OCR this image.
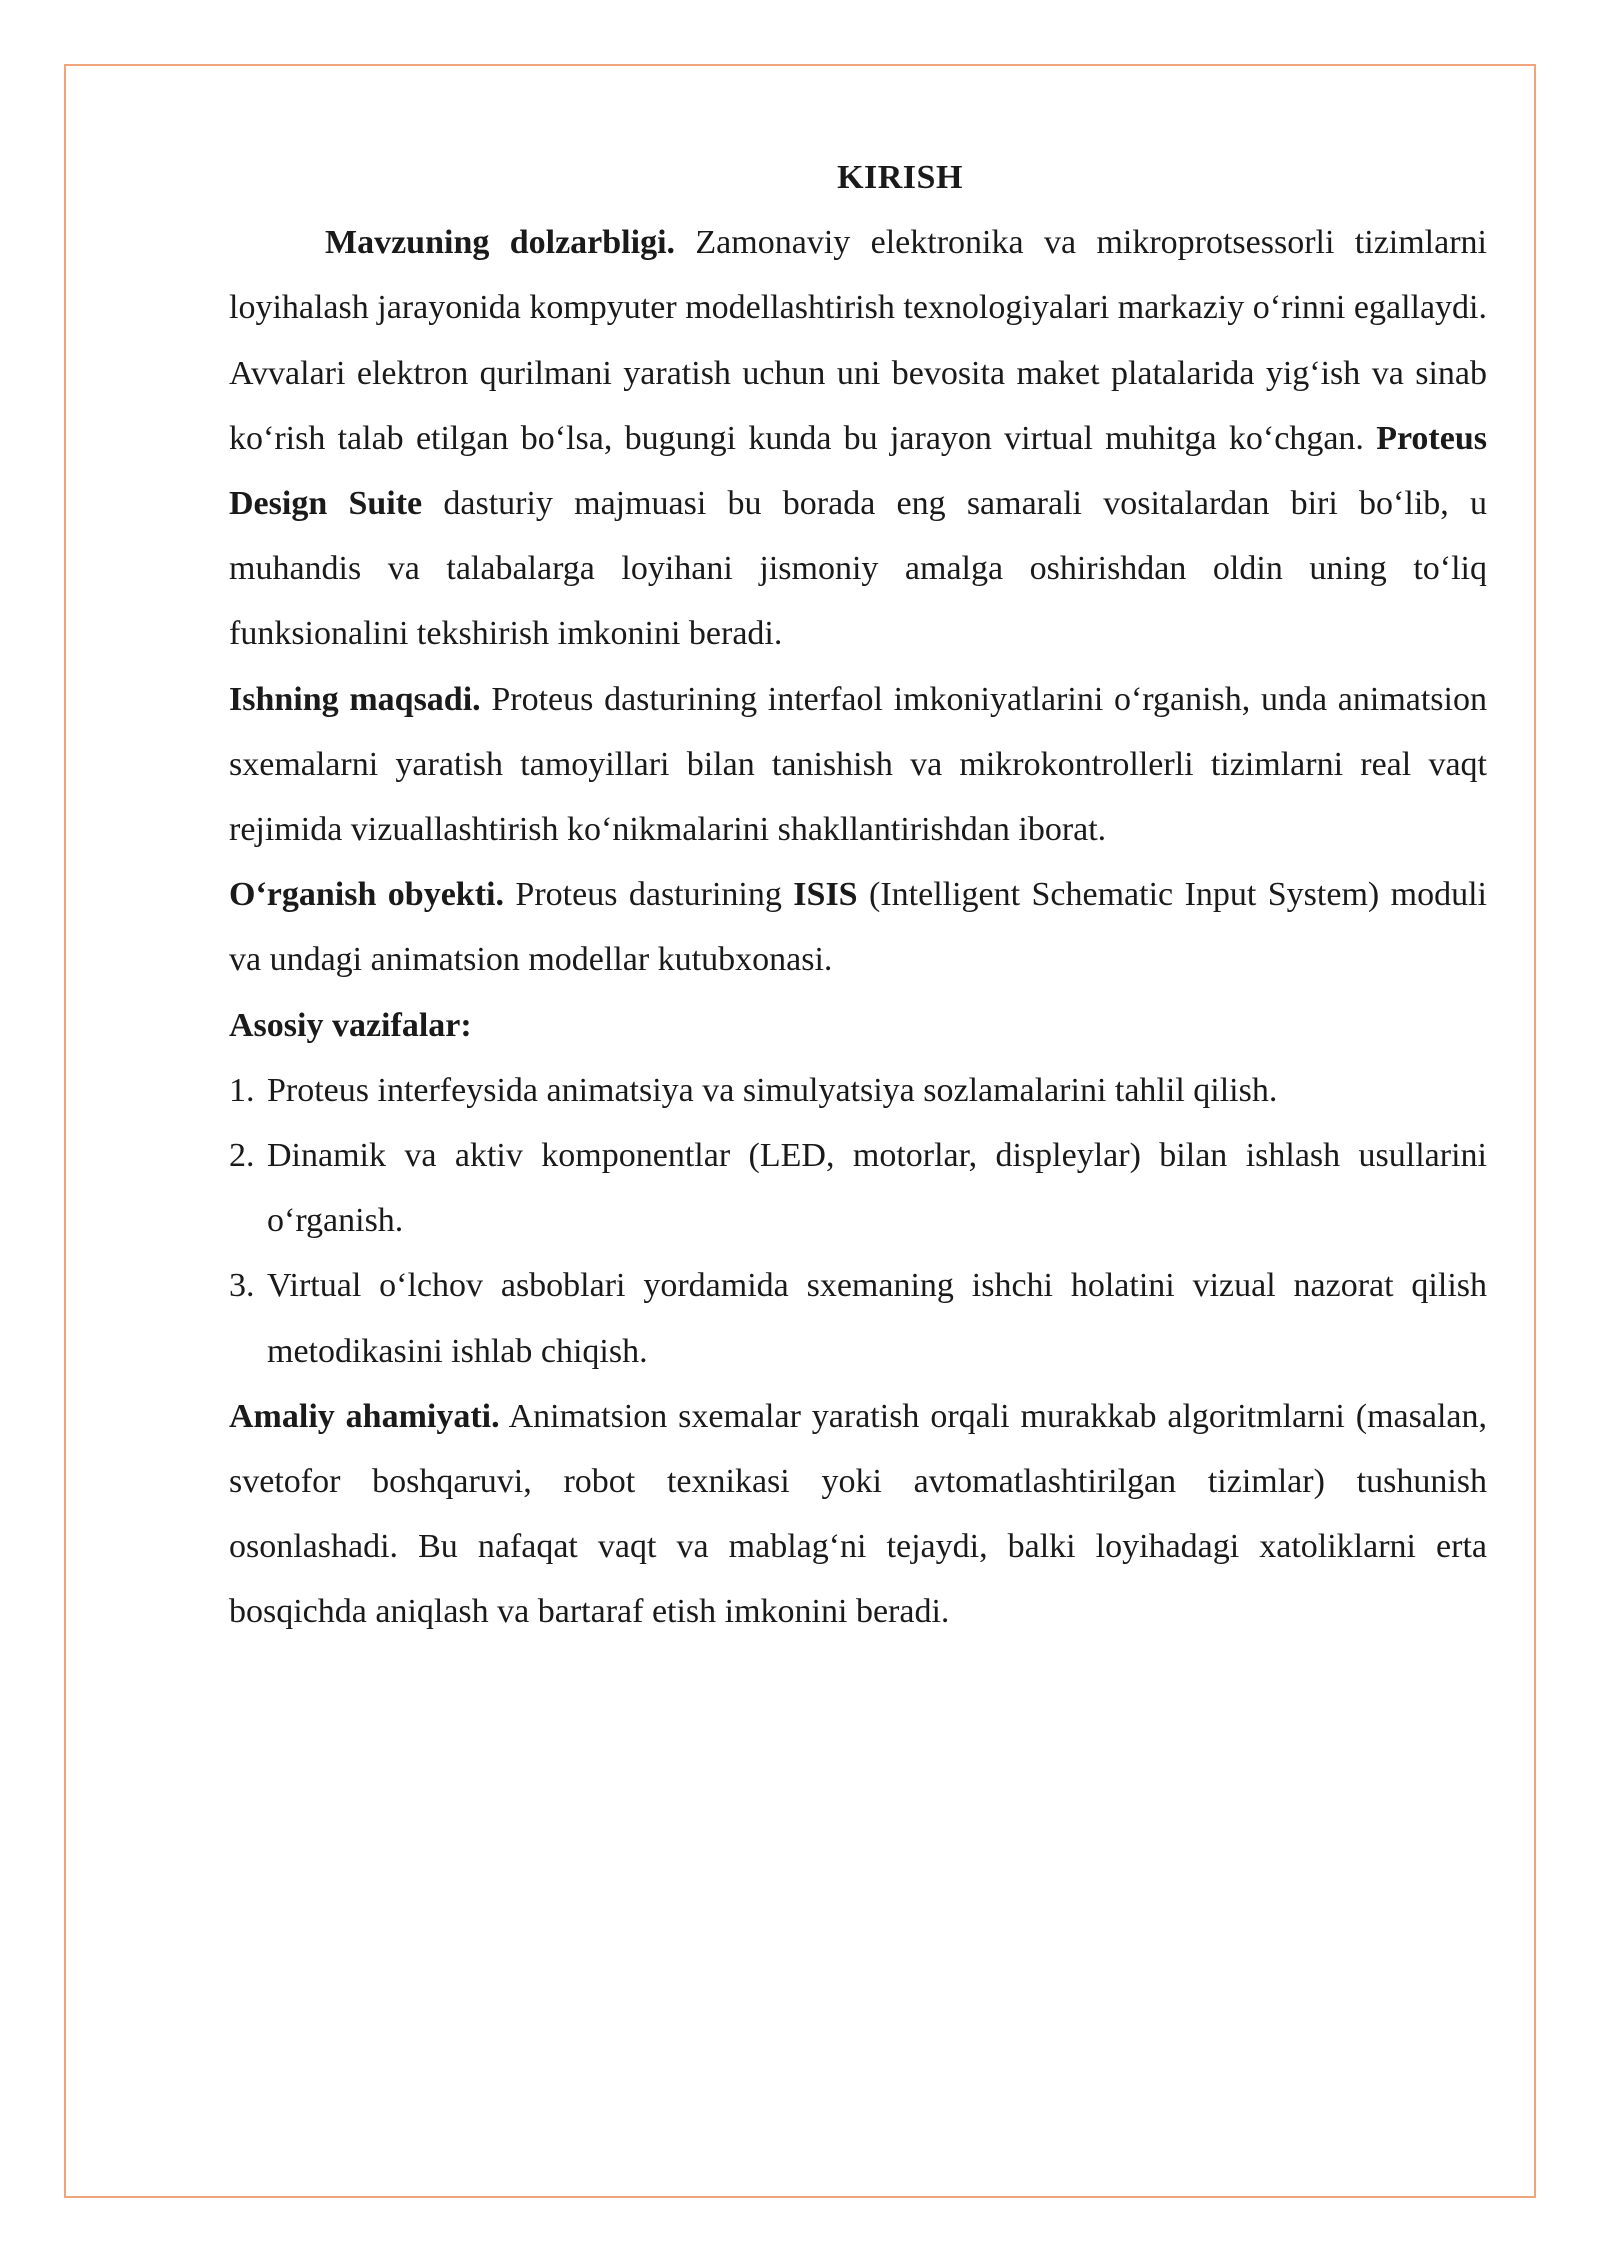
KIRISH

Mavzuning dolzarbligi. Zamonaviy elektronika va mikroprotsessorli tizimlarni loyihalash jarayonida kompyuter modellashtirish texnologiyalari markaziy o‘rinni egallaydi. Avvalari elektron qurilmani yaratish uchun uni bevosita maket platalarida yig‘ish va sinab ko‘rish talab etilgan bo‘lsa, bugungi kunda bu jarayon virtual muhitga ko‘chgan. Proteus Design Suite dasturiy majmuasi bu borada eng samarali vositalardan biri bo‘lib, u muhandis va talabalarga loyihani jismoniy amalga oshirishdan oldin uning to‘liq funksionalini tekshirish imkonini beradi.

Ishning maqsadi. Proteus dasturining interfaol imkoniyatlarini o‘rganish, unda animatsion sxemalarni yaratish tamoyillari bilan tanishish va mikrokontrollerli tizimlarni real vaqt rejimida vizuallashtirish ko‘nikmalarini shakllantirishdan iborat.

O‘rganish obyekti. Proteus dasturining ISIS (Intelligent Schematic Input System) moduli va undagi animatsion modellar kutubxonasi.

Asosiy vazifalar:

1. Proteus interfeysida animatsiya va simulyatsiya sozlamalarini tahlil qilish.
2. Dinamik va aktiv komponentlar (LED, motorlar, displeylar) bilan ishlash usullarini o‘rganish.
3. Virtual o‘lchov asboblari yordamida sxemaning ishchi holatini vizual nazorat qilish metodikasini ishlab chiqish.

Amaliy ahamiyati. Animatsion sxemalar yaratish orqali murakkab algoritmlarni (masalan, svetofor boshqaruvi, robot texnikasi yoki avtomatlashtirilgan tizimlar) tushunish osonlashadi. Bu nafaqat vaqt va mablag‘ni tejaydi, balki loyihadagi xatoliklarni erta bosqichda aniqlash va bartaraf etish imkonini beradi.
